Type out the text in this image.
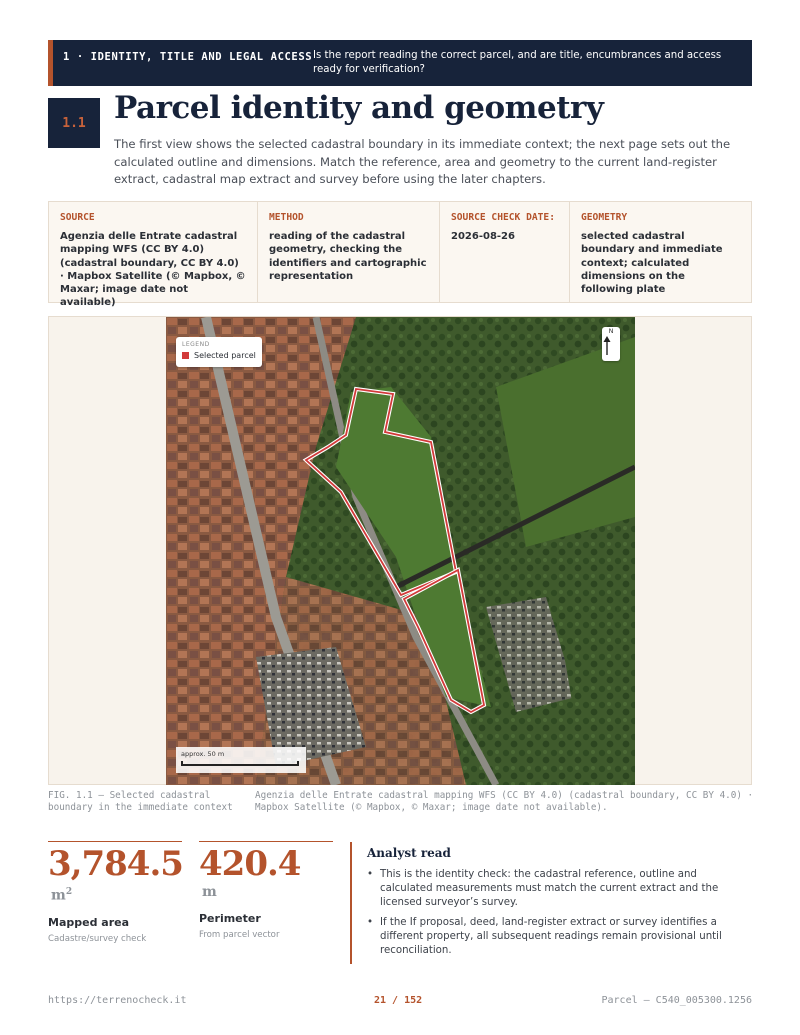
1 · IDENTITY, TITLE AND LEGAL ACCESS Is the report reading the correct parcel, and are title, encumbrances and access ready for verification?
1.1 Parcel identity and geometry

The first view shows the selected cadastral boundary in its immediate context; the next page sets out the calculated outline and dimensions. Match the reference, area and geometry to the current land-register extract, cadastral map extract and survey before using the later chapters.

SOURCE
Agenzia delle Entrate cadastral mapping WFS (CC BY 4.0) (cadastral boundary, CC BY 4.0) · Mapbox Satellite (© Mapbox, © Maxar; image date not available)
METHOD
reading of the cadastral geometry, checking the identifiers and cartographic representation
SOURCE CHECK DATE:
2026-08-26
GEOMETRY
selected cadastral boundary and immediate context; calculated dimensions on the following plate
LEGEND
Selected parcel
N
approx. 50 m
FIG. 1.1 — Selected cadastral boundary in the immediate context
Agenzia delle Entrate cadastral mapping WFS (CC BY 4.0) (cadastral boundary, CC BY 4.0) · Mapbox Satellite (© Mapbox, © Maxar; image date not available).
3,784.5
$m^2$
Mapped area
Cadastre/survey check
420.4
m
Perimeter
From parcel vector
Analyst read
• This is the identity check: the cadastral reference, outline and calculated measurements must match the current extract and the licensed surveyor’s survey.
• If the If proposal, deed, land-register extract or survey identifies a different property, all subsequent readings remain provisional until reconciliation.
https://terrenocheck.it	21 / 152	Parcel — C540_005300.1256
